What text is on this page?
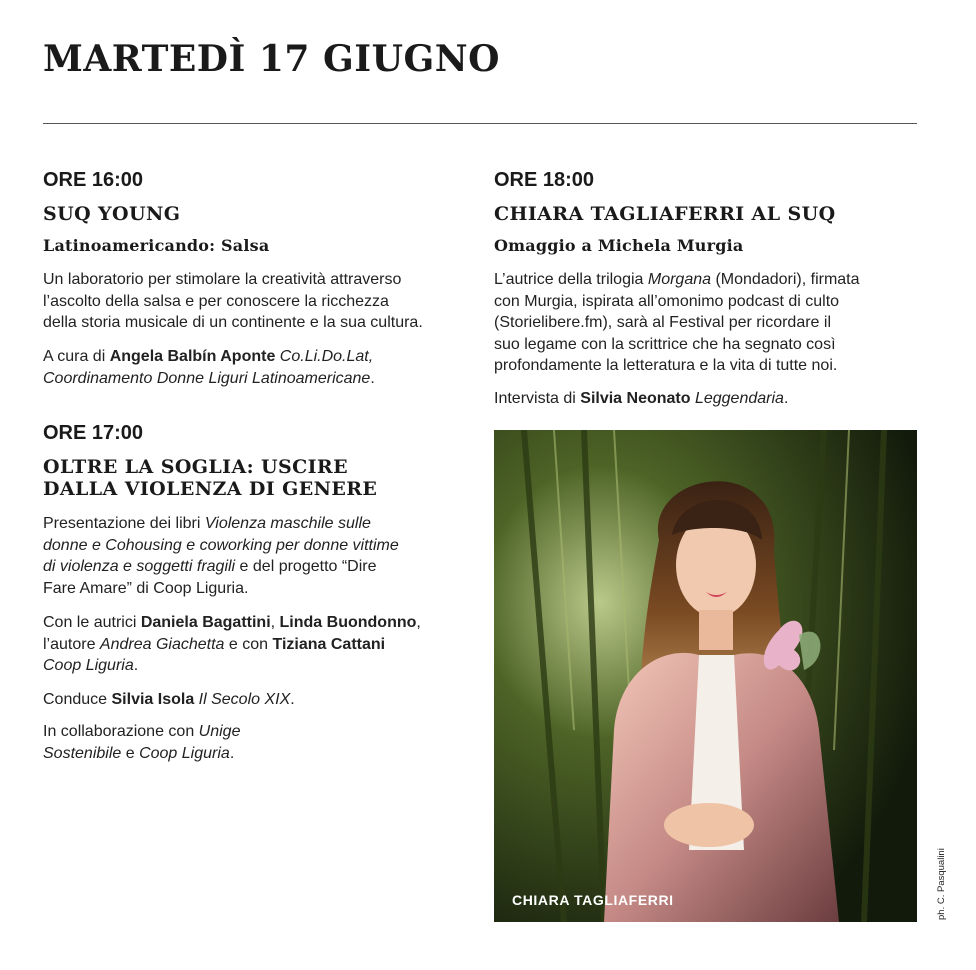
MARTEDÌ 17 GIUGNO
ORE 16:00
SUQ YOUNG
Latinoamericando: Salsa

Un laboratorio per stimolare la creatività attraverso
l’ascolto della salsa e per conoscere la ricchezza
della storia musicale di un continente e la sua cultura.

A cura di Angela Balbín Aponte Co.Li.Do.Lat,
Coordinamento Donne Liguri Latinoamericane.

ORE 17:00
OLTRE LA SOGLIA: USCIRE
DALLA VIOLENZA DI GENERE

Presentazione dei libri Violenza maschile sulle
donne e Cohousing e coworking per donne vittime
di violenza e soggetti fragili e del progetto “Dire
Fare Amare” di Coop Liguria.

Con le autrici Daniela Bagattini, Linda Buondonno,
l’autore Andrea Giachetta e con Tiziana Cattani
Coop Liguria.

Conduce Silvia Isola Il Secolo XIX.

In collaborazione con Unige
Sostenibile e Coop Liguria.

ORE 18:00
CHIARA TAGLIAFERRI AL SUQ
Omaggio a Michela Murgia

L’autrice della trilogia Morgana (Mondadori), firmata
con Murgia, ispirata all’omonimo podcast di culto
(Storielibere.fm), sarà al Festival per ricordare il
suo legame con la scrittrice che ha segnato così
profondamente la letteratura e la vita di tutte noi.

Intervista di Silvia Neonato Leggendaria.

CHIARA TAGLIAFERRI	ph. C. Pasqualini
